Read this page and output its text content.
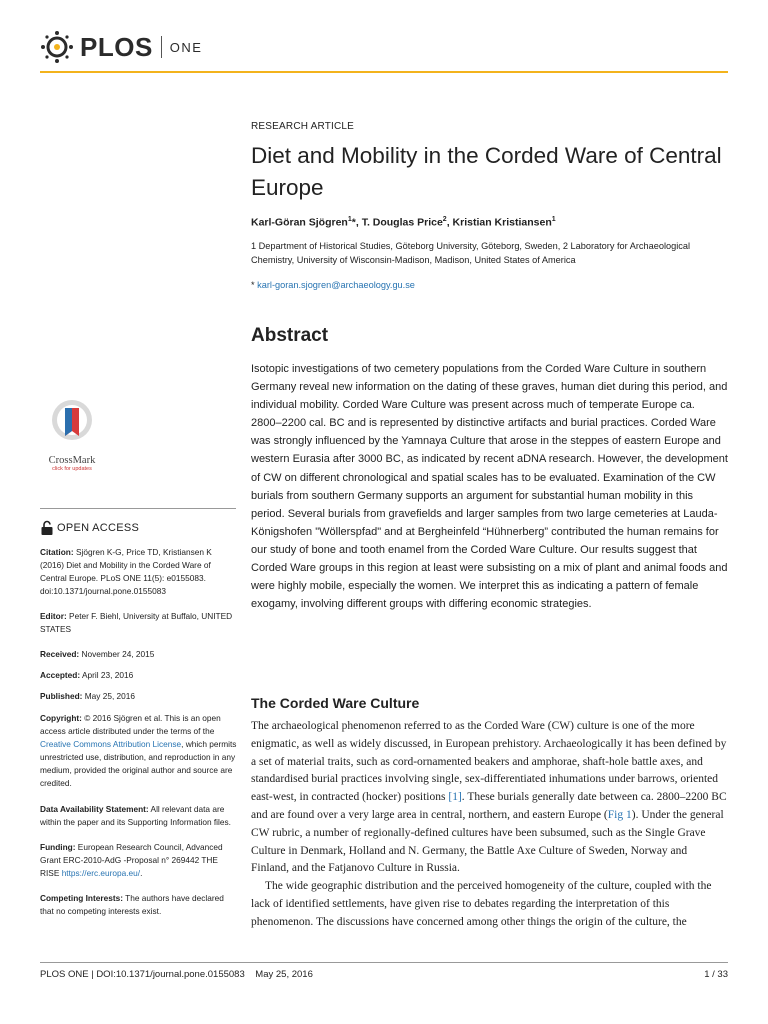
PLOS ONE
CrossMark
click for updates
OPEN ACCESS
Citation: Sjögren K-G, Price TD, Kristiansen K (2016) Diet and Mobility in the Corded Ware of Central Europe. PLoS ONE 11(5): e0155083. doi:10.1371/journal.pone.0155083
Editor: Peter F. Biehl, University at Buffalo, UNITED STATES
Received: November 24, 2015
Accepted: April 23, 2016
Published: May 25, 2016
Copyright: © 2016 Sjögren et al. This is an open access article distributed under the terms of the Creative Commons Attribution License, which permits unrestricted use, distribution, and reproduction in any medium, provided the original author and source are credited.
Data Availability Statement: All relevant data are within the paper and its Supporting Information files.
Funding: European Research Council, Advanced Grant ERC-2010-AdG -Proposal n° 269442 THE RISE https://erc.europa.eu/.
Competing Interests: The authors have declared that no competing interests exist.
RESEARCH ARTICLE
Diet and Mobility in the Corded Ware of Central Europe
Karl-Göran Sjögren$^1$*, T. Douglas Price$^2$, Kristian Kristiansen$^1$
1 Department of Historical Studies, Göteborg University, Göteborg, Sweden, 2 Laboratory for Archaeological Chemistry, University of Wisconsin-Madison, Madison, United States of America
* karl-goran.sjogren@archaeology.gu.se
Abstract
Isotopic investigations of two cemetery populations from the Corded Ware Culture in southern Germany reveal new information on the dating of these graves, human diet during this period, and individual mobility. Corded Ware Culture was present across much of temperate Europe ca. 2800–2200 cal. BC and is represented by distinctive artifacts and burial practices. Corded Ware was strongly influenced by the Yamnaya Culture that arose in the steppes of eastern Europe and western Eurasia after 3000 BC, as indicated by recent aDNA research. However, the development of CW on different chronological and spatial scales has to be evaluated. Examination of the CW burials from southern Germany supports an argument for substantial human mobility in this period. Several burials from gravefields and larger samples from two large cemeteries at Lauda-Königshofen "Wöllerspfad" and at Bergheinfeld “Hühnerberg” contributed the human remains for our study of bone and tooth enamel from the Corded Ware Culture. Our results suggest that Corded Ware groups in this region at least were subsisting on a mix of plant and animal foods and were highly mobile, especially the women. We interpret this as indicating a pattern of female exogamy, involving different groups with differing economic strategies.
The Corded Ware Culture

The archaeological phenomenon referred to as the Corded Ware (CW) culture is one of the more enigmatic, as well as widely discussed, in European prehistory. Archaeologically it has been defined by a set of material traits, such as cord-ornamented beakers and amphorae, shaft-hole battle axes, and standardised burial practices involving single, sex-differentiated inhumations under barrows, oriented east-west, in contracted (hocker) positions [1]. These burials generally date between ca. 2800–2200 BC and are found over a very large area in central, northern, and eastern Europe (Fig 1). Under the general CW rubric, a number of regionally-defined cultures have been subsumed, such as the Single Grave Culture in Denmark, Holland and N. Germany, the Battle Axe Culture of Sweden, Norway and Finland, and the Fatjanovo Culture in Russia.

The wide geographic distribution and the perceived homogeneity of the culture, coupled with the lack of identified settlements, have given rise to debates regarding the interpretation of this phenomenon. The discussions have concerned among other things the origin of the culture, the

PLOS ONE | DOI:10.1371/journal.pone.0155083    May 25, 2016	1 / 33
